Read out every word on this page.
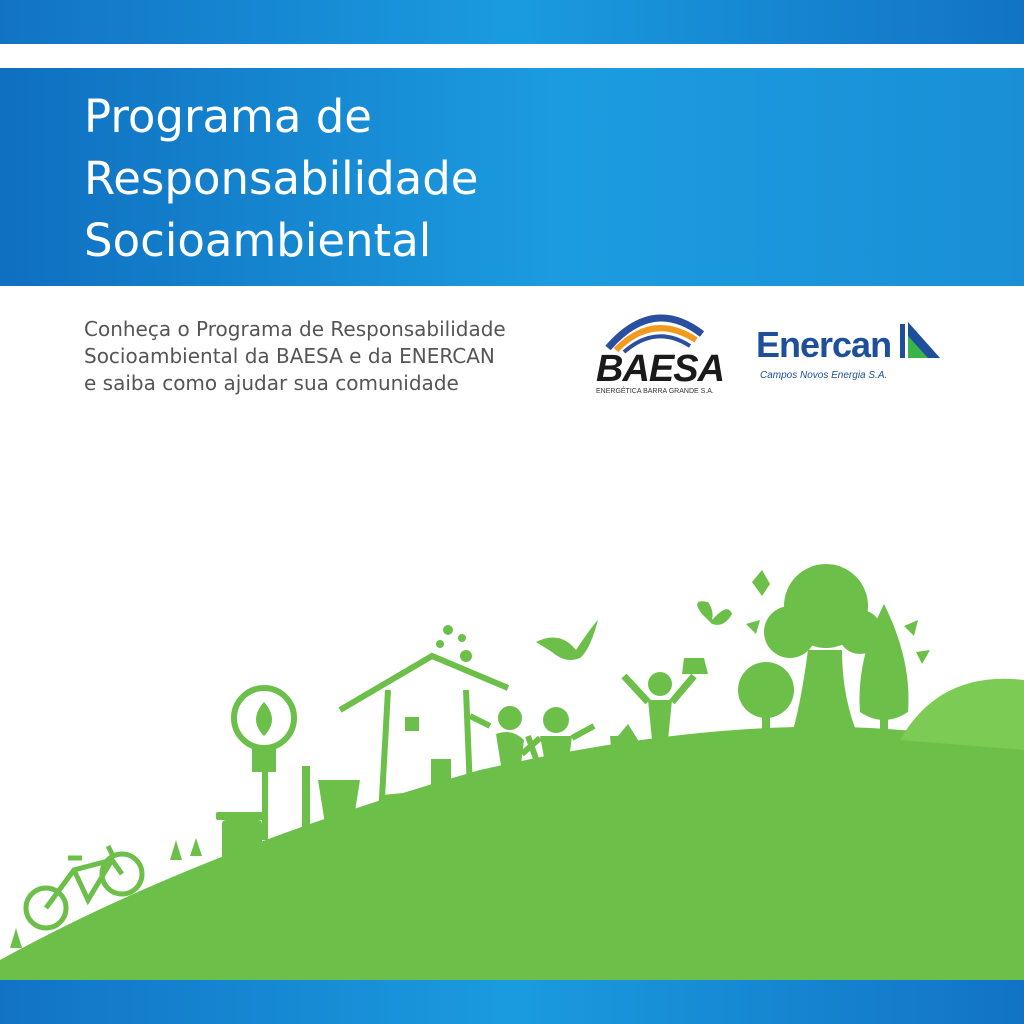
Programa de
Responsabilidade
Socioambiental
Conheça o Programa de Responsabilidade
Socioambiental da BAESA e da ENERCAN
e saiba como ajudar sua comunidade	BAESA
ENERGÉTICA BARRA GRANDE S.A.
Enercan
Campos Novos Energia S.A.
